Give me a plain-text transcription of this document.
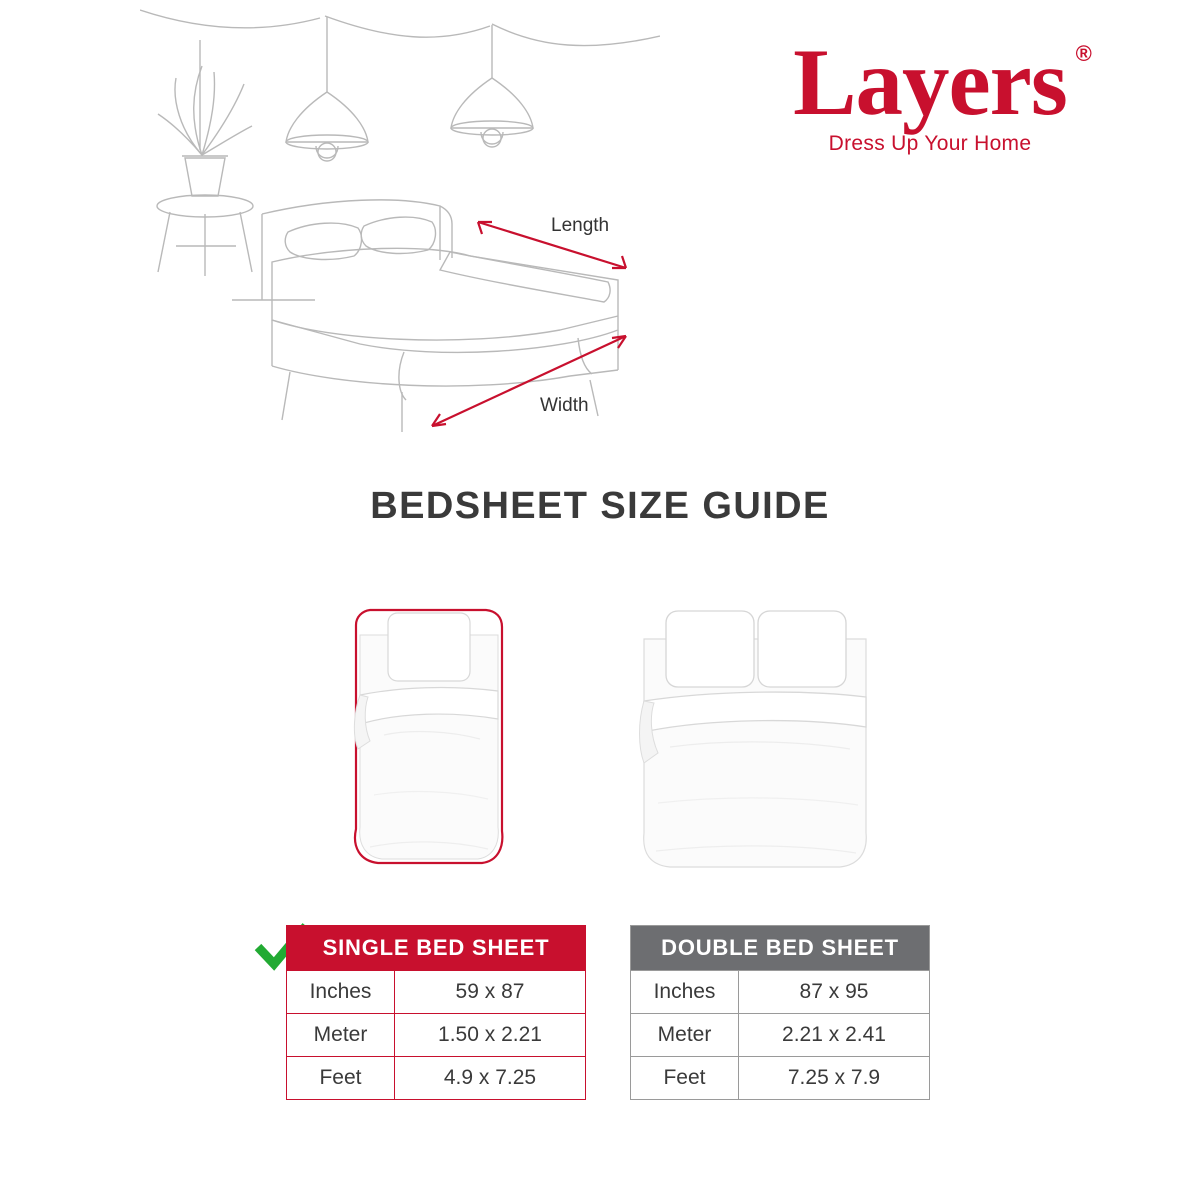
Length
Width
Layers ®
Dress Up Your Home
BEDSHEET SIZE GUIDE
SINGLE BED SHEET	
Inches	59 x 87
Meter	1.50 x 2.21
Feet	4.9 x 7.25
DOUBLE BED SHEET	
Inches	87 x 95
Meter	2.21 x 2.41
Feet	7.25 x 7.9
